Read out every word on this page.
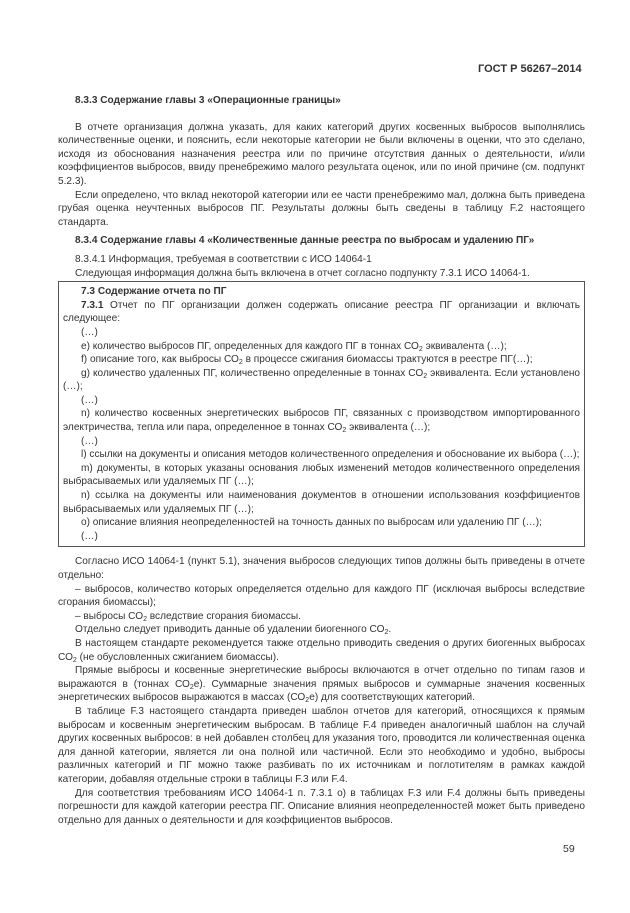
ГОСТ Р 56267–2014

8.3.3 Содержание главы 3 «Операционные границы»

В отчете организация должна указать, для каких категорий других косвенных выбросов выполнялись количественные оценки, и пояснить, если некоторые категории не были включены в оценки, что это сделано, исходя из обоснования назначения реестра или по причине отсутствия данных о деятельности, и/или коэффициентов выбросов, ввиду пренебрежимо малого результата оценок, или по иной причине (см. подпункт 5.2.3).

Если определено, что вклад некоторой категории или ее части пренебрежимо мал, должна быть приведена грубая оценка неучтенных выбросов ПГ. Результаты должны быть сведены в таблицу F.2 настоящего стандарта.

8.3.4 Содержание главы 4 «Количественные данные реестра по выбросам и удалению ПГ»

8.3.4.1 Информация, требуемая в соответствии с ИСО 14064-1

Следующая информация должна быть включена в отчет согласно подпункту 7.3.1 ИСО 14064-1.

7.3 Содержание отчета по ПГ

7.3.1 Отчет по ПГ организации должен содержать описание реестра ПГ организации и включать следующее:

(…)

е) количество выбросов ПГ, определенных для каждого ПГ в тоннах $СО_2$ эквивалента (…);

f) описание того, как выбросы $СО_2$ в процессе сжигания биомассы трактуются в реестре ПГ(…);

g) количество удаленных ПГ, количественно определенные в тоннах $СО_2$ эквивалента. Если установлено (…);

(…)

n) количество косвенных энергетических выбросов ПГ, связанных с производством импортированного электричества, тепла или пара, определенное в тоннах $СО_2$ эквивалента (…);

(…)

l) ссылки на документы и описания методов количественного определения и обоснование их выбора (…);

m) документы, в которых указаны основания любых изменений методов количественного определения выбрасываемых или удаляемых ПГ (…);

n) ссылка на документы или наименования документов в отношении использования коэффициентов выбрасываемых или удаляемых ПГ (…);

о) описание влияния неопределенностей на точность данных по выбросам или удалению ПГ (…);

(…)

Согласно ИСО 14064-1 (пункт 5.1), значения выбросов следующих типов должны быть приведены в отчете отдельно:

– выбросов, количество которых определяется отдельно для каждого ПГ (исключая выбросы вследствие сгорания биомассы);

– выбросы $СО_2$ вследствие сгорания биомассы.

Отдельно следует приводить данные об удалении биогенного $СО_2$.

В настоящем стандарте рекомендуется также отдельно приводить сведения о других биогенных выбросах $СО_2$ (не обусловленных сжиганием биомассы).

Прямые выбросы и косвенные энергетические выбросы включаются в отчет отдельно по типам газов и выражаются в (тоннах $СО_2е$). Суммарные значения прямых выбросов и суммарные значения косвенных энергетических выбросов выражаются в массах $(СО_2е)$ для соответствующих категорий.

В таблице F.3 настоящего стандарта приведен шаблон отчетов для категорий, относящихся к прямым выбросам и косвенным энергетическим выбросам. В таблице F.4 приведен аналогичный шаблон на случай других косвенных выбросов: в ней добавлен столбец для указания того, проводится ли количественная оценка для данной категории, является ли она полной или частичной. Если это необходимо и удобно, выбросы различных категорий и ПГ можно также разбивать по их источникам и поглотителям в рамках каждой категории, добавляя отдельные строки в таблицы F.3 или F.4.

Для соответствия требованиям ИСО 14064-1 п. 7.3.1 о) в таблицах F.3 или F.4 должны быть приведены погрешности для каждой категории реестра ПГ. Описание влияния неопределенностей может быть приведено отдельно для данных о деятельности и для коэффициентов выбросов.

59
